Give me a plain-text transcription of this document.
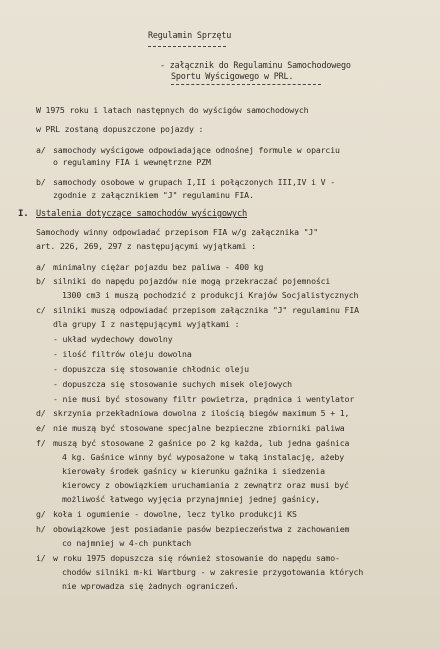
Regulamin Sprzętu
- załącznik do Regulaminu Samochodowego
Sportu Wyścigowego w PRL.
W 1975 roku i latach następnych do wyścigów samochodowych
w PRL zostaną dopuszczone pojazdy :
a/ samochody wyścigowe odpowiadające odnośnej formule w oparciu
o regulaminy FIA i wewnętrzne PZM
b/ samochody osobowe w grupach I,II i połączonych III,IV i V -
zgodnie z załącznikiem "J" regulaminu FIA.
I. Ustalenia dotyczące samochodów wyścigowych
Samochody winny odpowiadać przepisom FIA w/g załącznika "J"
art. 226, 269, 297 z następującymi wyjątkami :
a/ minimalny ciężar pojazdu bez paliwa - 400 kg
b/ silniki do napędu pojazdów nie mogą przekraczać pojemności
1300 cm3 i muszą pochodzić z produkcji Krajów Socjalistycznych
c/ silniki muszą odpowiadać przepisom załącznika "J" regulaminu FIA
dla grupy I z następującymi wyjątkami :
- układ wydechowy dowolny
- ilość filtrów oleju dowolna
- dopuszcza się stosowanie chłodnic oleju
- dopuszcza się stosowanie suchych misek olejowych
- nie musi być stosowany filtr powietrza, prądnica i wentylator
d/ skrzynia przekładniowa dowolna z ilością biegów maximum 5 + 1,
e/ nie muszą być stosowane specjalne bezpieczne zbiorniki paliwa
f/ muszą być stosowane 2 gaśnice po 2 kg każda, lub jedna gaśnica
4 kg. Gaśnice winny być wyposażone w taką instalację, ażeby
kierowały środek gaśnicy w kierunku gaźnika i siedzenia
kierowcy z obowiązkiem uruchamiania z zewnątrz oraz musi być
możliwość łatwego wyjęcia przynajmniej jednej gaśnicy,
g/ koła i ogumienie - dowolne, lecz tylko produkcji KS
h/ obowiązkowe jest posiadanie pasów bezpieczeństwa z zachowaniem
co najmniej w 4-ch punktach
i/ w roku 1975 dopuszcza się również stosowanie do napędu samo-
chodów silniki m-ki Wartburg - w zakresie przygotowania których
nie wprowadza się żadnych ograniczeń.
